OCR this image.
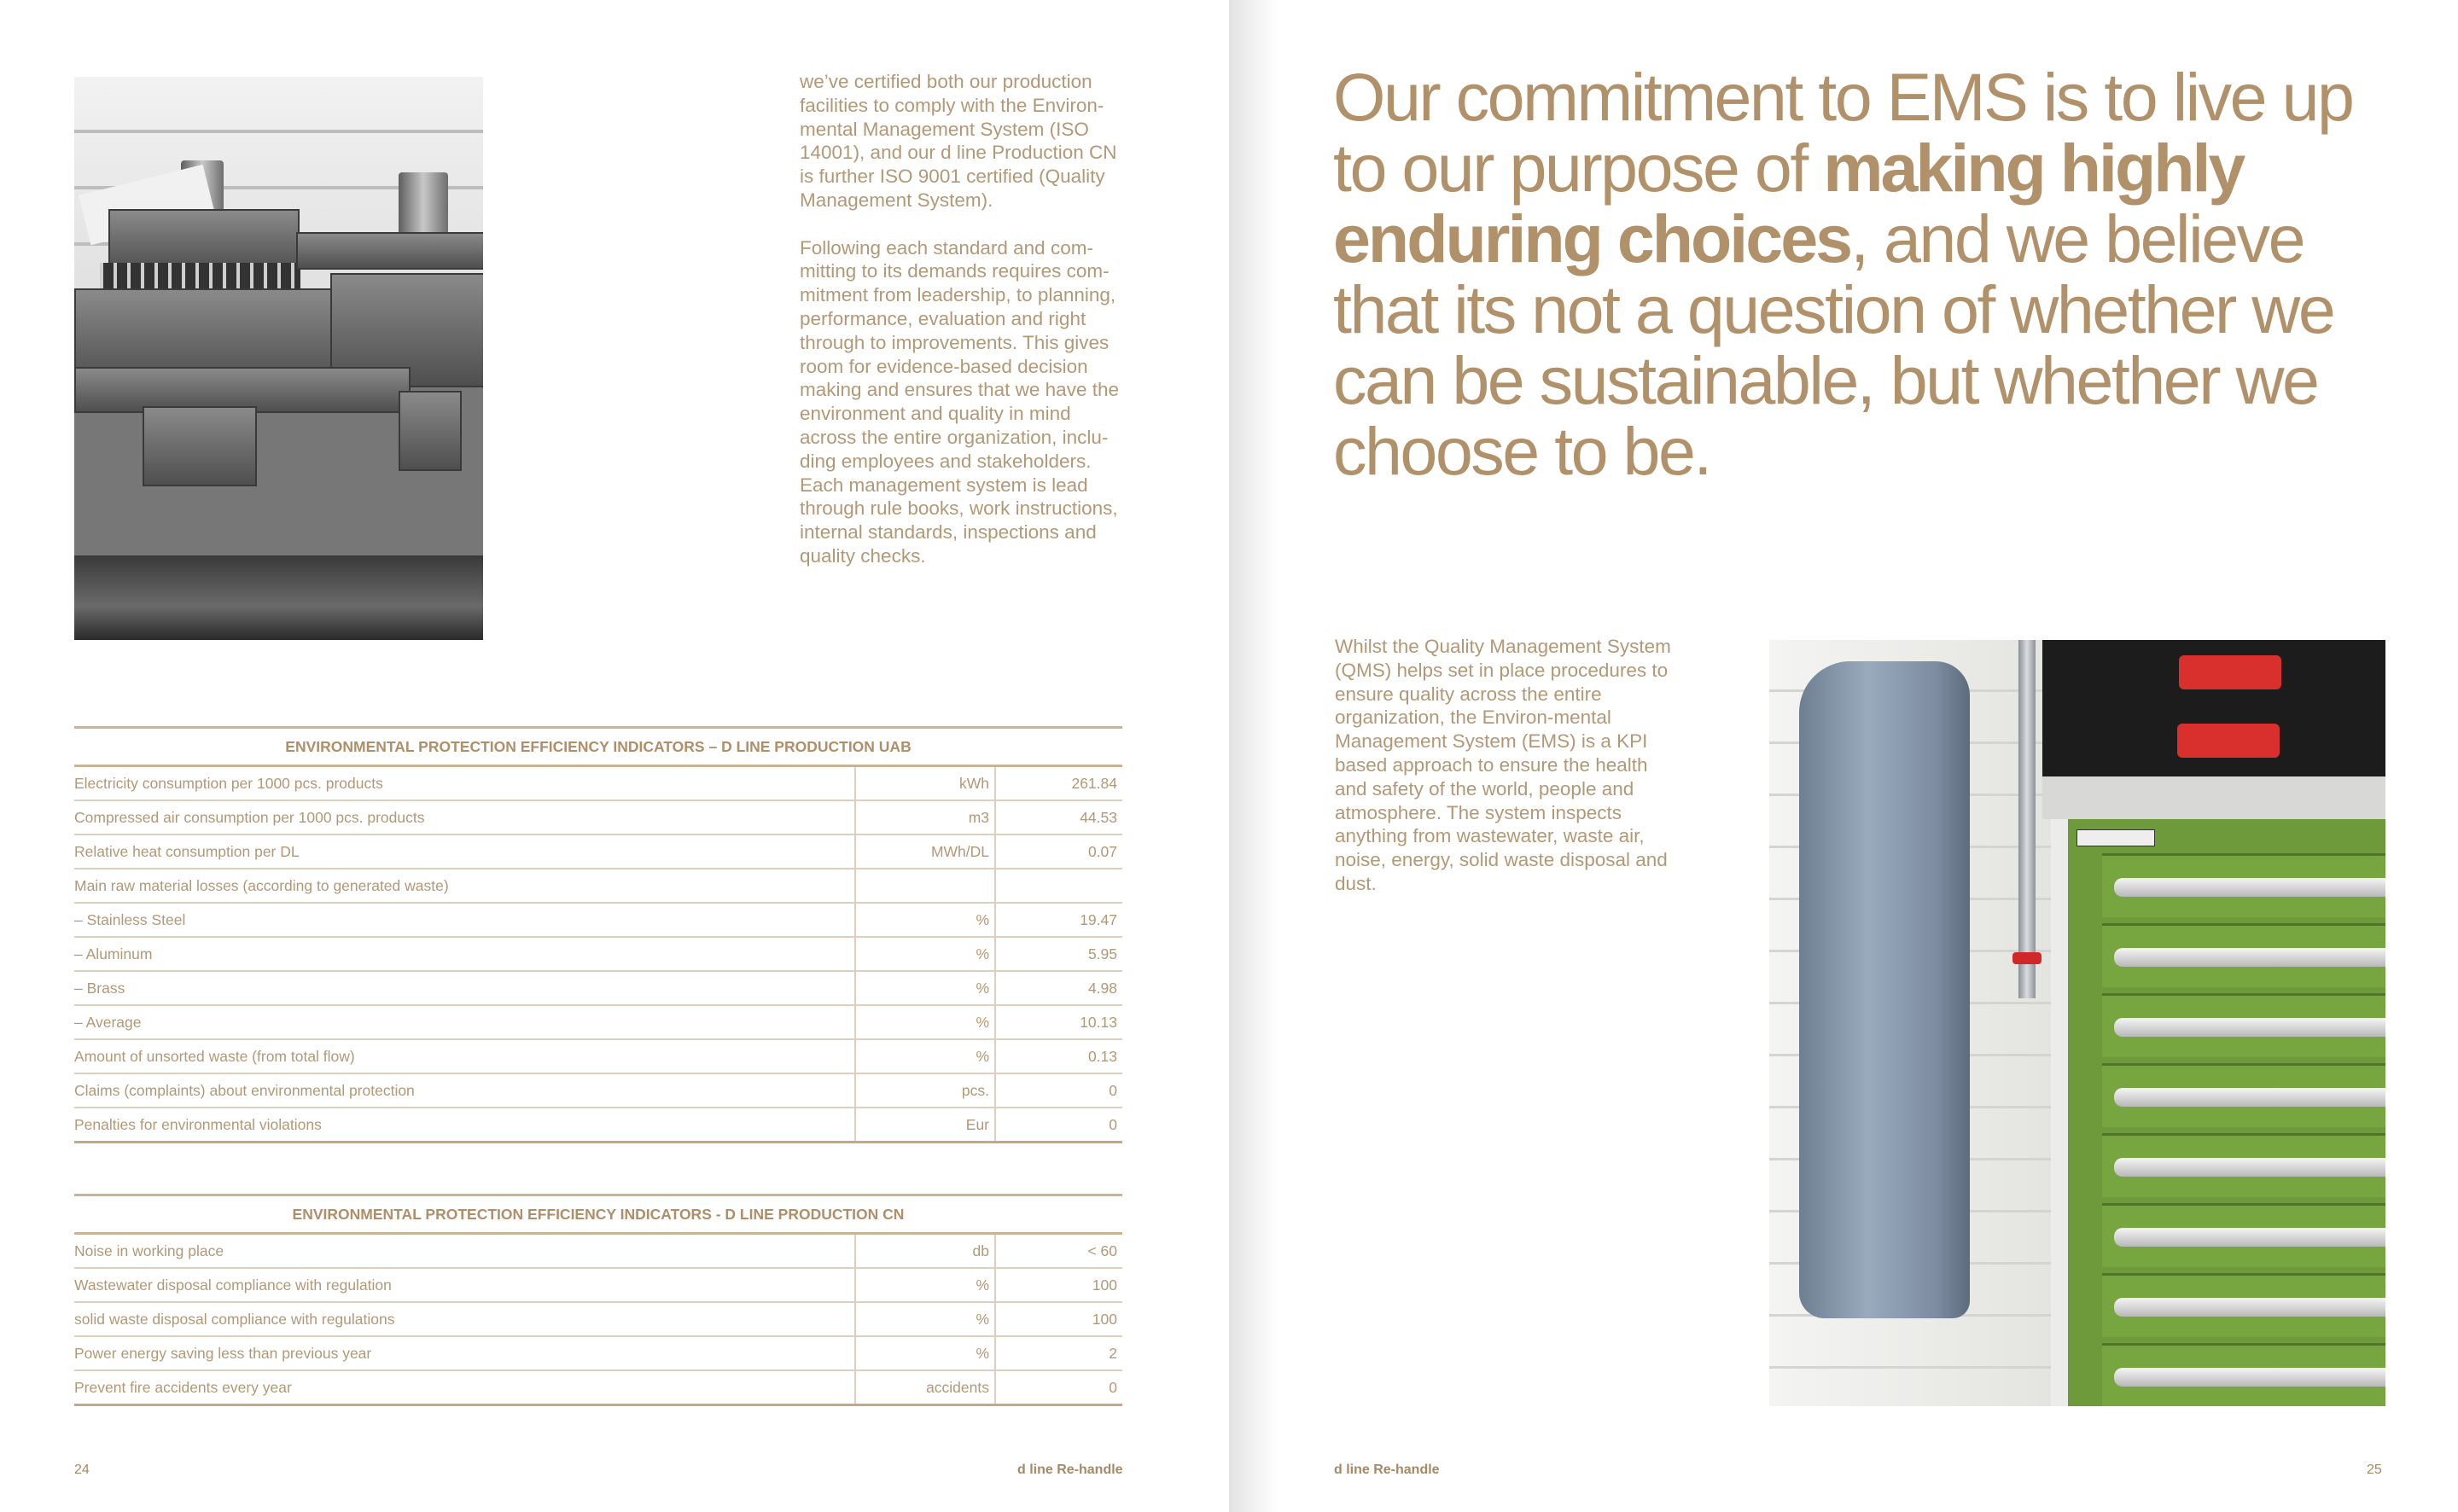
we’ve certified both our production facilities to comply with the Environ-mental Management System (ISO 14001), and our d line Production CN is further ISO 9001 certified (Quality Management System).

Following each standard and com-mitting to its demands requires com-mitment from leadership, to planning, performance, evaluation and right through to improvements. This gives room for evidence-based decision making and ensures that we have the environment and quality in mind across the entire organization, inclu-ding employees and stakeholders. Each management system is lead through rule books, work instructions, internal standards, inspections and quality checks.

ENVIRONMENTAL PROTECTION EFFICIENCY INDICATORS – D LINE PRODUCTION UAB
Electricity consumption per 1000 pcs. products	kWh	261.84
Compressed air consumption per 1000 pcs. products	m3	44.53
Relative heat consumption per DL	MWh/DL	0.07
Main raw material losses (according to generated waste)		
– Stainless Steel	%	19.47
– Aluminum	%	5.95
– Brass	%	4.98
– Average	%	10.13
Amount of unsorted waste (from total flow)	%	0.13
Claims (complaints) about environmental protection	pcs.	0
Penalties for environmental violations	Eur	0
ENVIRONMENTAL PROTECTION EFFICIENCY INDICATORS - D LINE PRODUCTION CN
Noise in working place	db	< 60
Wastewater disposal compliance with regulation	%	100
solid waste disposal compliance with regulations	%	100
Power energy saving less than previous year	%	2
Prevent fire accidents every year	accidents	0
24	d line Re-handle
Our commitment to EMS is to live up to our purpose of making highly enduring choices, and we believe that its not a question of whether we can be sustainable, but whether we choose to be.

Whilst the Quality Management System (QMS) helps set in place procedures to ensure quality across the entire organization, the Environ-mental Management System (EMS) is a KPI based approach to ensure the health and safety of the world, people and atmosphere. The system inspects anything from wastewater, waste air, noise, energy, solid waste disposal and dust.

d line Re-handle	25
